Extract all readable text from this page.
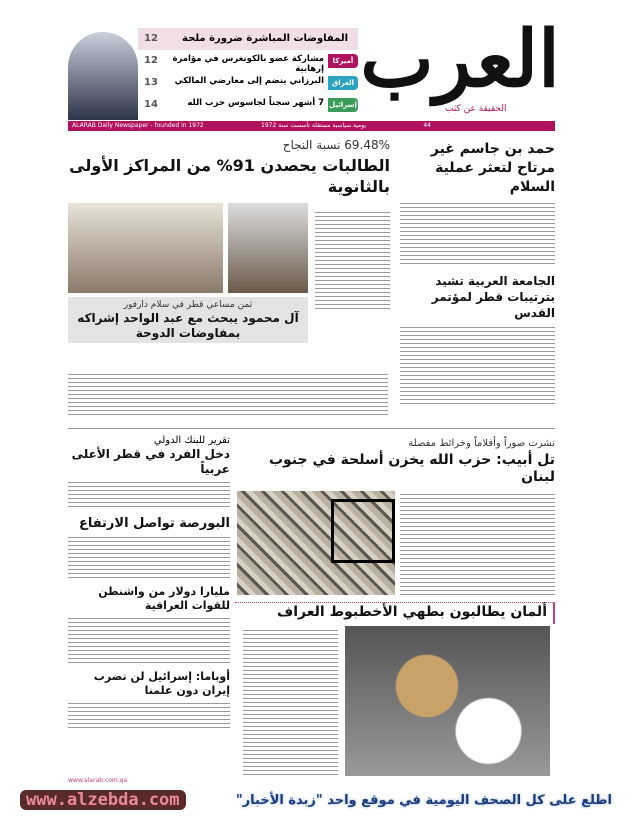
العرب
الحقيقة عن كثب
المفاوضات المباشرة ضرورة ملحة
12
أميركا
مشاركة عضو بالكونغرس في مؤامرة إرهابية
12
العراق
البرزاني ينضم إلى معارضي المالكي
13
إسرائيل
7 أشهر سجناً لجاسوس حزب الله
14
44
يومية سياسية مستقلة تأسست سنة 1972
ALARAB Daily Newspaper - founded in 1972
حمد بن جاسم غير مرتاح لتعثر عملية السلام
الجامعة العربية تشيد بترتيبات قطر لمؤتمر القدس
69.48% نسبة النجاح
الطالبات يحصدن 91% من المراكز الأولى بالثانوية
ثمن مساعي قطر في سلام دارفور
آل محمود يبحث مع عبد الواحد إشراكه بمفاوضات الدوحة
تقرير للبنك الدولي
دخل الفرد في قطر الأعلى عربياً
البورصة تواصل الارتفاع
مليارا دولار من واشنطن للقوات العراقية
أوباما: إسرائيل لن تضرب إيران دون علمنا
نشرت صوراً وأفلاماً وخرائط مفصلة
تل أبيب: حزب الله يخزن أسلحة في جنوب لبنان
ألمان يطالبون بطهي الأخطبوط العراف
www.alarab.com.qa
www.alzebda.com	اطلع على كل الصحف اليومية في موقع واحد "زبدة الأخبار"
